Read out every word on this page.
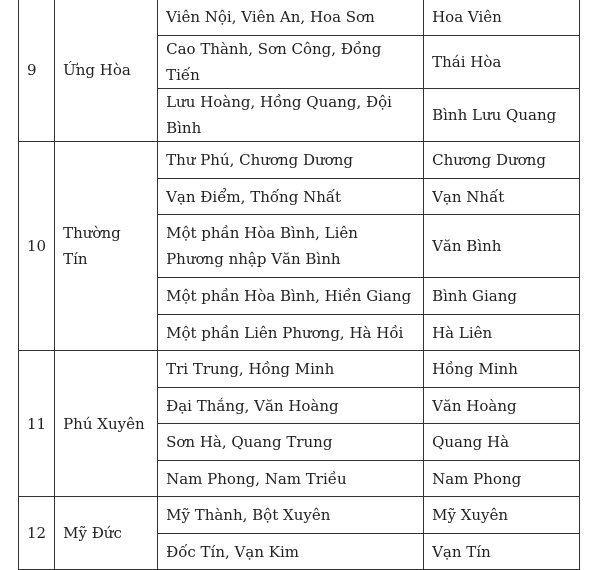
9	Ứng Hòa	Viên Nội, Viên An, Hoa Sơn	Hoa Viên
		Cao Thành, Sơn Công, Đồng Tiến	Thái Hòa
		Lưu Hoàng, Hồng Quang, Đội Bình	Bình Lưu Quang
10	Thường Tín	Thư Phú, Chương Dương	Chương Dương
		Vạn Điểm, Thống Nhất	Vạn Nhất
		Một phần Hòa Bình, Liên Phương nhập Văn Bình	Văn Bình
		Một phần Hòa Bình, Hiền Giang	Bình Giang
		Một phần Liên Phương, Hà Hồi	Hà Liên
11	Phú Xuyên	Tri Trung, Hồng Minh	Hồng Minh
		Đại Thắng, Văn Hoàng	Văn Hoàng
		Sơn Hà, Quang Trung	Quang Hà
		Nam Phong, Nam Triều	Nam Phong
12	Mỹ Đức	Mỹ Thành, Bột Xuyên	Mỹ Xuyên
		Đốc Tín, Vạn Kim	Vạn Tín
